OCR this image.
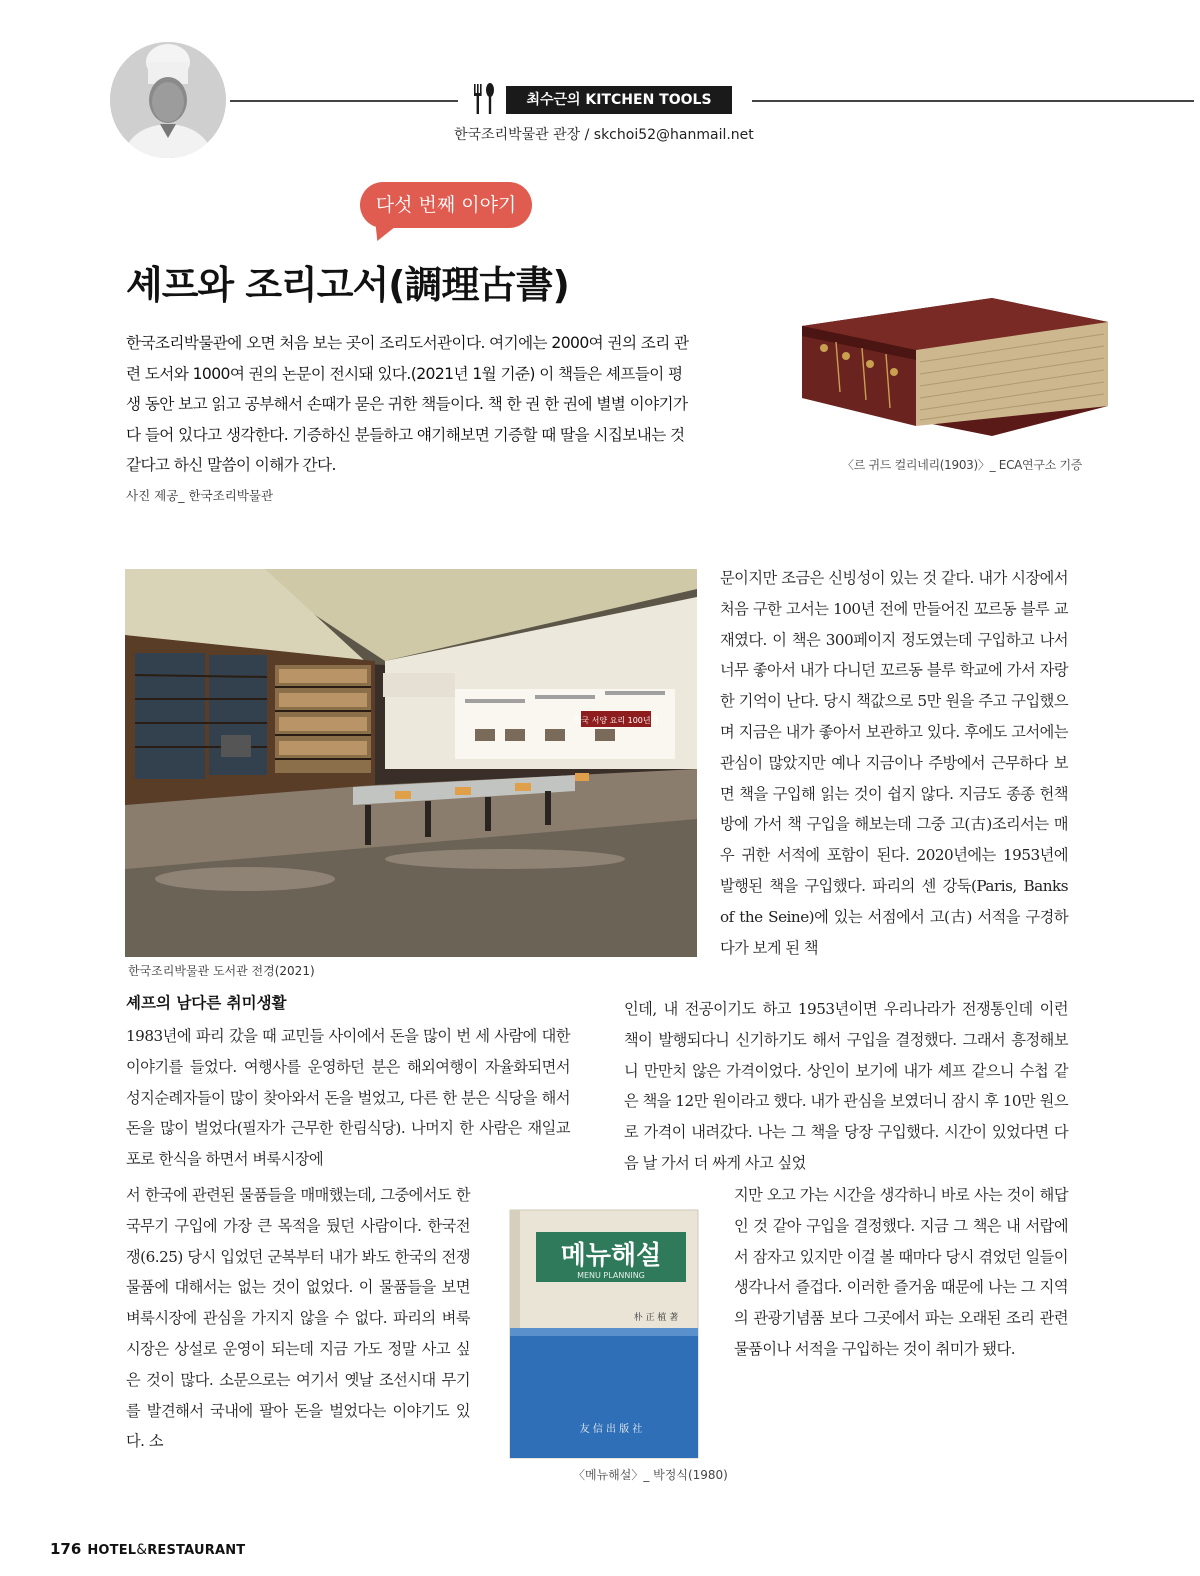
최수근의 KITCHEN TOOLS
한국조리박물관 관장 / skchoi52@hanmail.net
다섯 번째 이야기
셰프와 조리고서(調理古書)
한국조리박물관에 오면 처음 보는 곳이 조리도서관이다. 여기에는 2000여 권의 조리 관련 도서와 1000여 권의 논문이 전시돼 있다.(2021년 1월 기준) 이 책들은 셰프들이 평생 동안 보고 읽고 공부해서 손때가 묻은 귀한 책들이다. 책 한 권 한 권에 별별 이야기가 다 들어 있다고 생각한다. 기증하신 분들하고 얘기해보면 기증할 때 딸을 시집보내는 것 같다고 하신 말씀이 이해가 간다.
사진 제공_ 한국조리박물관
〈르 귀드 컬리네리(1903)〉_ ECA연구소 기증
한국 서양 요리 100년사
한국조리박물관 도서관 전경(2021)
문이지만 조금은 신빙성이 있는 것 같다. 내가 시장에서 처음 구한 고서는 100년 전에 만들어진 꼬르동 블루 교재였다. 이 책은 300페이지 정도였는데 구입하고 나서 너무 좋아서 내가 다니던 꼬르동 블루 학교에 가서 자랑한 기억이 난다. 당시 책값으로 5만 원을 주고 구입했으며 지금은 내가 좋아서 보관하고 있다. 후에도 고서에는 관심이 많았지만 예나 지금이나 주방에서 근무하다 보면 책을 구입해 읽는 것이 쉽지 않다. 지금도 종종 헌책방에 가서 책 구입을 해보는데 그중 고(古)조리서는 매우 귀한 서적에 포함이 된다. 2020년에는 1953년에 발행된 책을 구입했다. 파리의 센 강둑(Paris, Banks of the Seine)에 있는 서점에서 고(古) 서적을 구경하다가 보게 된 책
인데, 내 전공이기도 하고 1953년이면 우리나라가 전쟁통인데 이런 책이 발행되다니 신기하기도 해서 구입을 결정했다. 그래서 흥정해보니 만만치 않은 가격이었다. 상인이 보기에 내가 셰프 같으니 수첩 같은 책을 12만 원이라고 했다. 내가 관심을 보였더니 잠시 후 10만 원으로 가격이 내려갔다. 나는 그 책을 당장 구입했다. 시간이 있었다면 다음 날 가서 더 싸게 사고 싶었
지만 오고 가는 시간을 생각하니 바로 사는 것이 해답인 것 같아 구입을 결정했다. 지금 그 책은 내 서랍에서 잠자고 있지만 이걸 볼 때마다 당시 겪었던 일들이 생각나서 즐겁다. 이러한 즐거움 때문에 나는 그 지역의 관광기념품 보다 그곳에서 파는 오래된 조리 관련 물품이나 서적을 구입하는 것이 취미가 됐다.
셰프의 남다른 취미생활
1983년에 파리 갔을 때 교민들 사이에서 돈을 많이 번 세 사람에 대한 이야기를 들었다. 여행사를 운영하던 분은 해외여행이 자율화되면서 성지순례자들이 많이 찾아와서 돈을 벌었고, 다른 한 분은 식당을 해서 돈을 많이 벌었다(필자가 근무한 한림식당). 나머지 한 사람은 재일교포로 한식을 하면서 벼룩시장에
서 한국에 관련된 물품들을 매매했는데, 그중에서도 한국무기 구입에 가장 큰 목적을 뒀던 사람이다. 한국전쟁(6.25) 당시 입었던 군복부터 내가 봐도 한국의 전쟁 물품에 대해서는 없는 것이 없었다. 이 물품들을 보면 벼룩시장에 관심을 가지지 않을 수 없다. 파리의 벼룩시장은 상설로 운영이 되는데 지금 가도 정말 사고 싶은 것이 많다. 소문으로는 여기서 옛날 조선시대 무기를 발견해서 국내에 팔아 돈을 벌었다는 이야기도 있다. 소
메뉴해설
MENU PLANNING
朴 正 植 著
友 信 出 版 社
〈메뉴해설〉_ 박정식(1980)
176 HOTEL&RESTAURANT
